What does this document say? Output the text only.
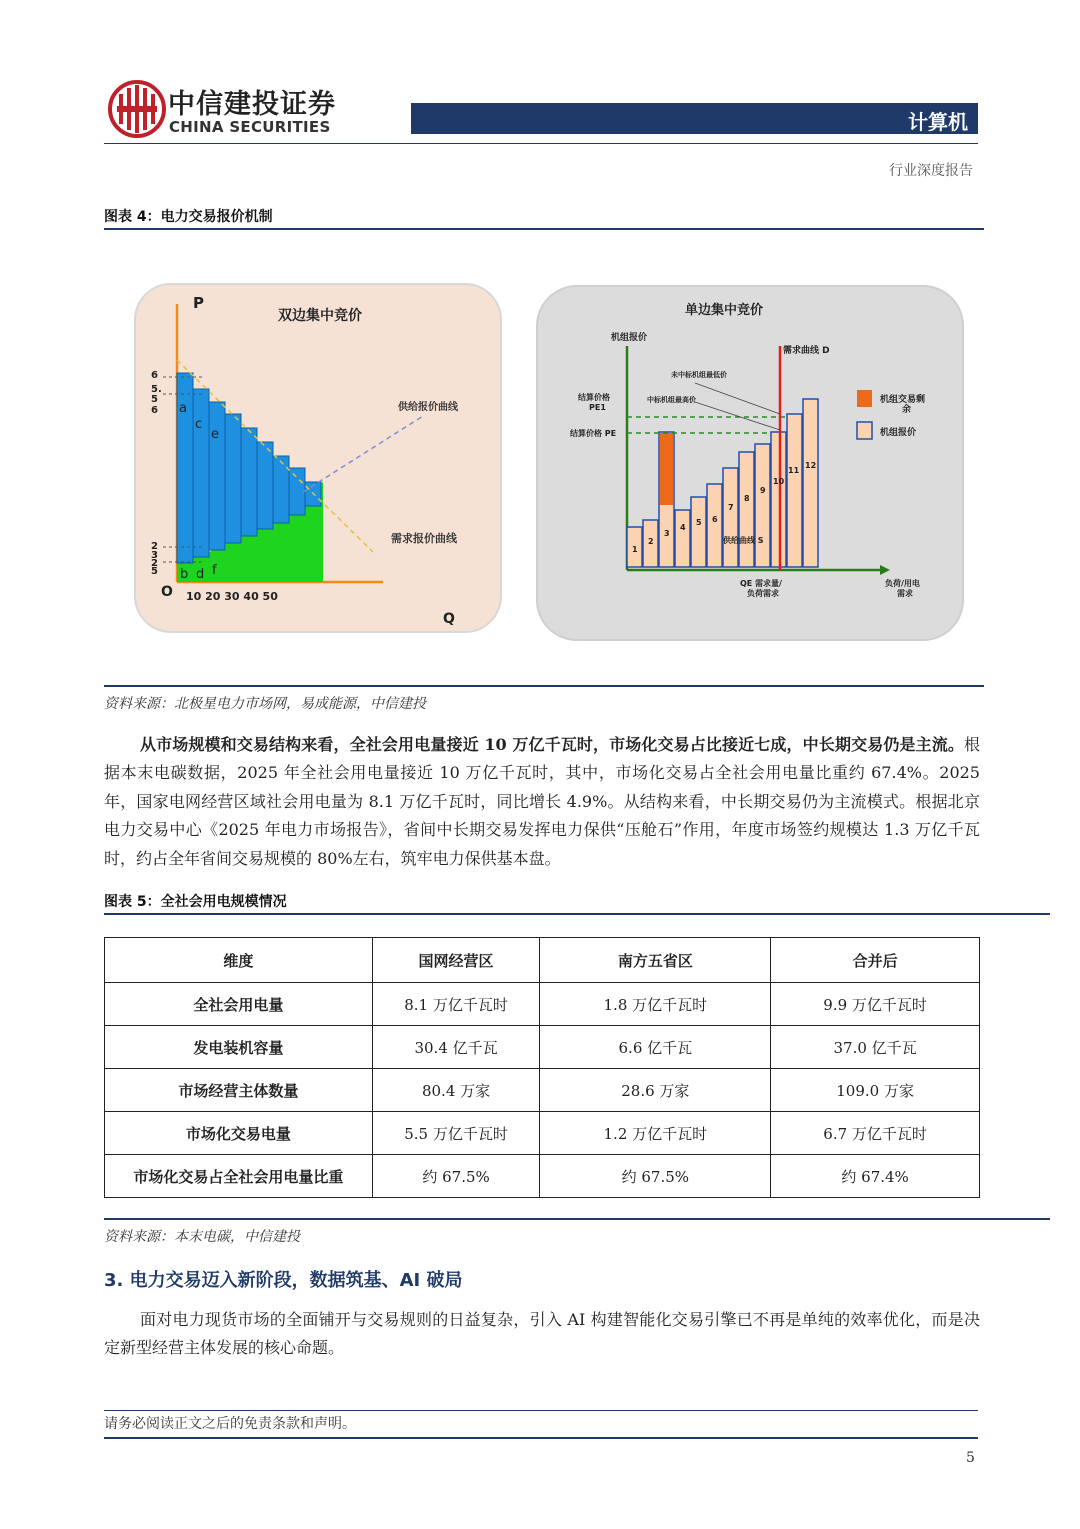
中信建投证券
CHINA SECURITIES	计算机
行业深度报告
图表 4：电力交易报价机制
P
双边集中竞价
供给报价曲线
需求报价曲线
O 10 20 30 40 50
Q
6
5.
5
6
2
3
2
5
a
c
e
b d f
单边集中竞价
机组报价
需求曲线 D
未中标机组最低价
中标机组最高价
结算价格
PE1
结算价格 PE
供给曲线 S
QE 需求量/
负荷需求
负荷/用电
需求
机组交易剩
余
机组报价
1
2
3
4
5 6
7
8
9
10
11
12
资料来源：北极星电力市场网，易成能源，中信建投
从市场规模和交易结构来看，全社会用电量接近 10 万亿千瓦时，市场化交易占比接近七成，中长期交易仍是主流。根据本末电碳数据，2025 年全社会用电量接近 10 万亿千瓦时，其中，市场化交易占全社会用电量比重约 67.4%。2025 年，国家电网经营区域社会用电量为 8.1 万亿千瓦时，同比增长 4.9%。从结构来看，中长期交易仍为主流模式。根据北京电力交易中心《2025 年电力市场报告》，省间中长期交易发挥电力保供“压舱石”作用，年度市场签约规模达 1.3 万亿千瓦时，约占全年省间交易规模的 80%左右，筑牢电力保供基本盘。
图表 5：全社会用电规模情况
维度	国网经营区	南方五省区	合并后
全社会用电量	8.1 万亿千瓦时	1.8 万亿千瓦时	9.9 万亿千瓦时
发电装机容量	30.4 亿千瓦	6.6 亿千瓦	37.0 亿千瓦
市场经营主体数量	80.4 万家	28.6 万家	109.0 万家
市场化交易电量	5.5 万亿千瓦时	1.2 万亿千瓦时	6.7 万亿千瓦时
市场化交易占全社会用电量比重	约 67.5%	约 67.5%	约 67.4%
资料来源：本末电碳，中信建投
3. 电力交易迈入新阶段，数据筑基、AI 破局
面对电力现货市场的全面铺开与交易规则的日益复杂，引入 AI 构建智能化交易引擎已不再是单纯的效率优化，而是决定新型经营主体发展的核心命题。
请务必阅读正文之后的免责条款和声明。
5
